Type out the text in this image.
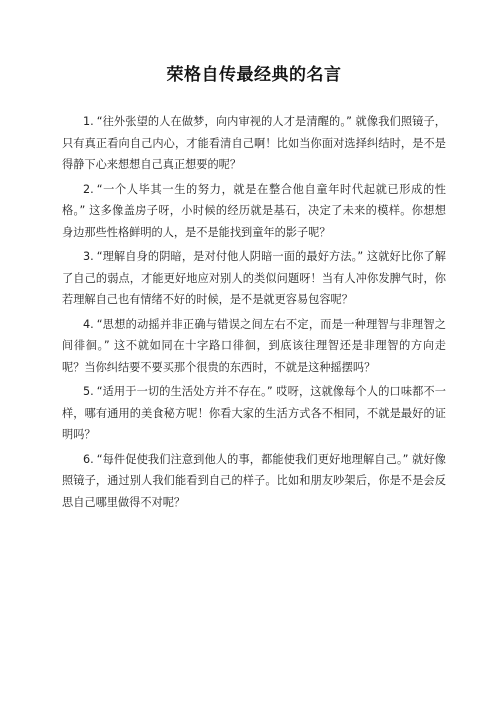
荣格自传最经典的名言

1. “往外张望的人在做梦，向内审视的人才是清醒的。” 就像我们照镜子，只有真正看向自己内心，才能看清自己啊！比如当你面对选择纠结时，是不是得静下心来想想自己真正想要的呢？

2. “一个人毕其一生的努力，就是在整合他自童年时代起就已形成的性格。” 这多像盖房子呀，小时候的经历就是基石，决定了未来的模样。你想想身边那些性格鲜明的人，是不是能找到童年的影子呢？

3. “理解自身的阴暗，是对付他人阴暗一面的最好方法。” 这就好比你了解了自己的弱点，才能更好地应对别人的类似问题呀！当有人冲你发脾气时，你若理解自己也有情绪不好的时候，是不是就更容易包容呢？

4. “思想的动摇并非正确与错误之间左右不定，而是一种理智与非理智之间徘徊。” 这不就如同在十字路口徘徊，到底该往理智还是非理智的方向走呢？当你纠结要不要买那个很贵的东西时，不就是这种摇摆吗？

5. “适用于一切的生活处方并不存在。” 哎呀，这就像每个人的口味都不一样，哪有通用的美食秘方呢！你看大家的生活方式各不相同，不就是最好的证明吗？

6. “每件促使我们注意到他人的事，都能使我们更好地理解自己。” 就好像照镜子，通过别人我们能看到自己的样子。比如和朋友吵架后，你是不是会反思自己哪里做得不对呢？
